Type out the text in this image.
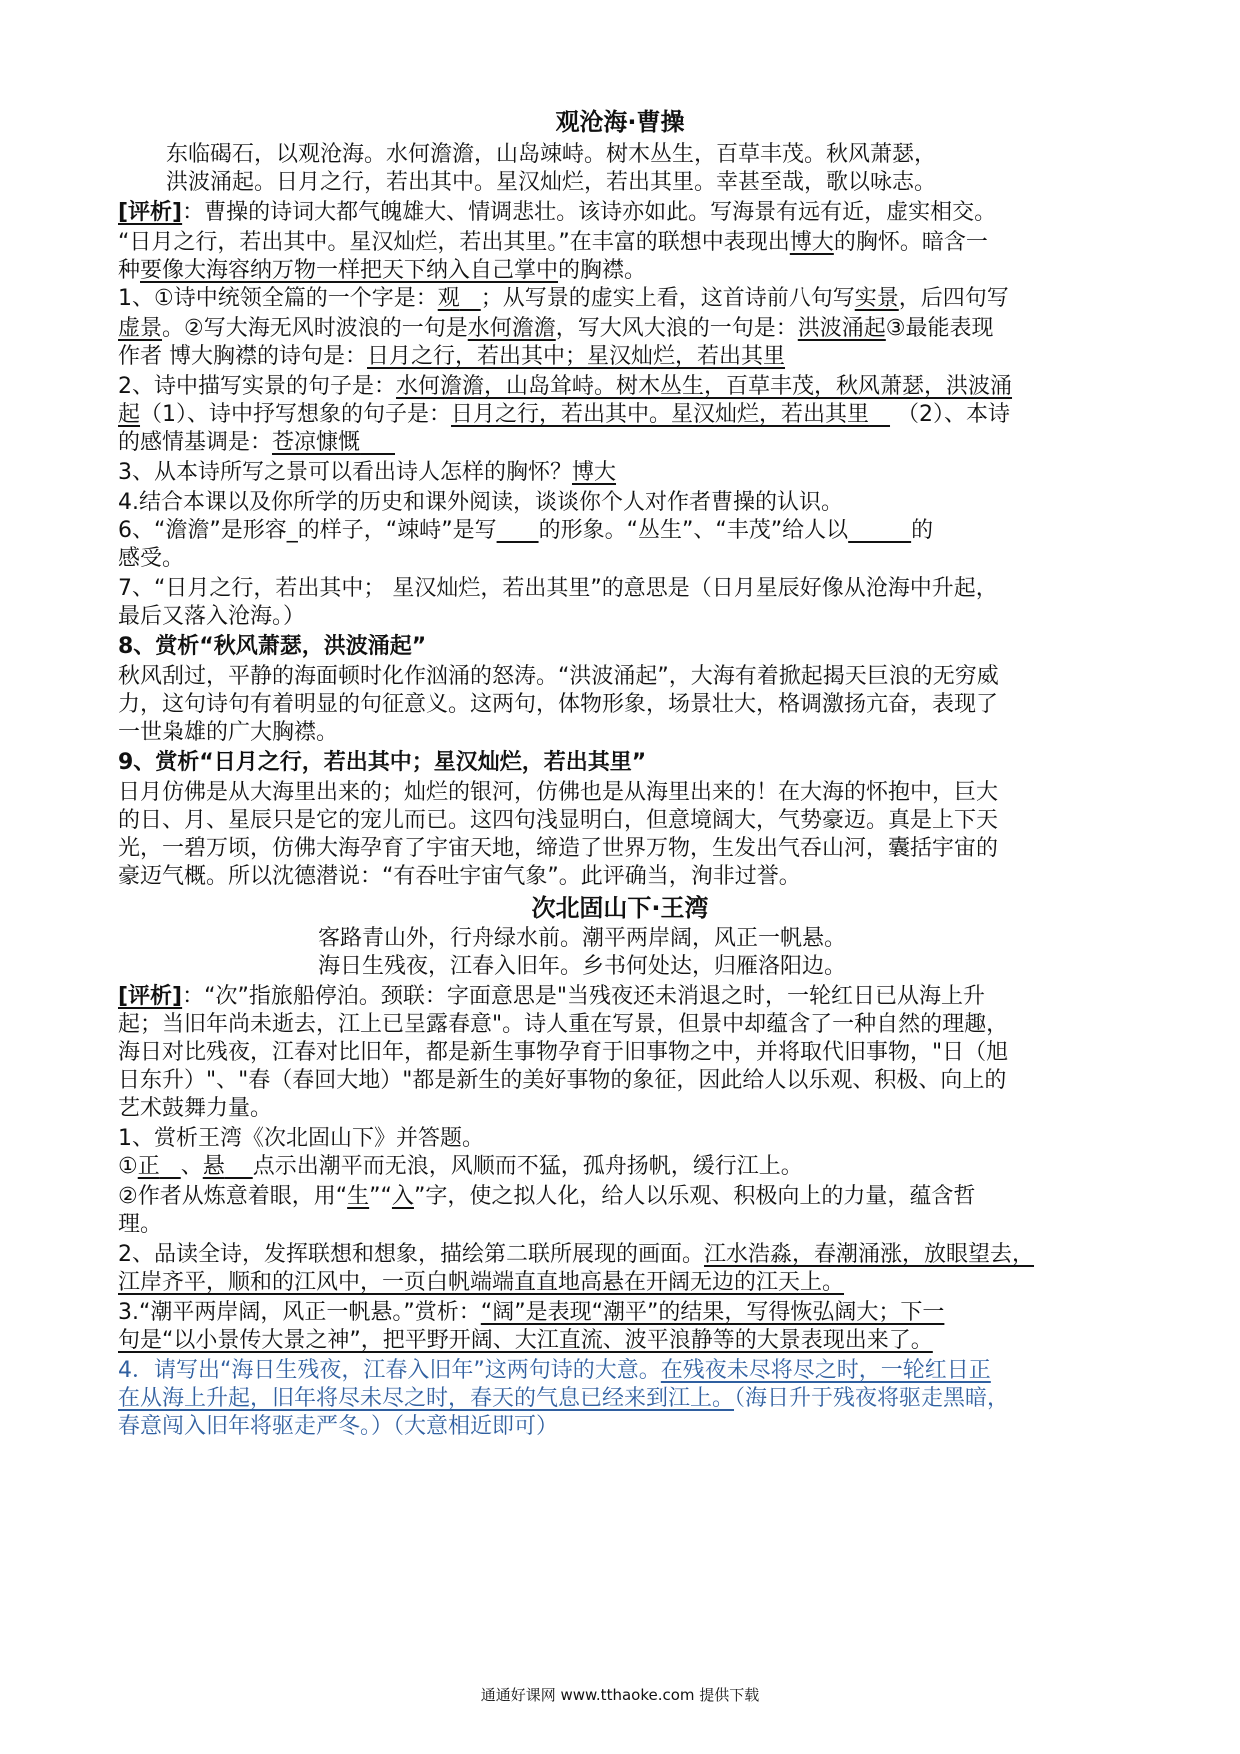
观沧海·曹操
东临碣石，以观沧海。水何澹澹，山岛竦峙。树木丛生，百草丰茂。秋风萧瑟，
洪波涌起。日月之行，若出其中。星汉灿烂，若出其里。幸甚至哉，歌以咏志。
[评析]：曹操的诗词大都气魄雄大、情调悲壮。该诗亦如此。写海景有远有近，虚实相交。
“日月之行，若出其中。星汉灿烂，若出其里。”在丰富的联想中表现出博大的胸怀。暗含一
种要像大海容纳万物一样把天下纳入自己掌中的胸襟。
1、①诗中统领全篇的一个字是：观 ；从写景的虚实上看，这首诗前八句写实景，后四句写
虚景。②写大海无风时波浪的一句是水何澹澹，写大风大浪的一句是：洪波涌起③最能表现
作者 博大胸襟的诗句是：日月之行，若出其中；星汉灿烂，若出其里
2、诗中描写实景的句子是：水何澹澹，山岛耸峙。树木丛生，百草丰茂，秋风萧瑟，洪波涌
起（1）、诗中抒写想象的句子是：日月之行，若出其中。星汉灿烂，若出其里 （2）、本诗
的感情基调是：苍凉慷慨
3、从本诗所写之景可以看出诗人怎样的胸怀？博大
4.结合本课以及你所学的历史和课外阅读，谈谈你个人对作者曹操的认识。
6、“澹澹”是形容_的样子，“竦峙”是写 的形象。“丛生”、“丰茂”给人以	的
感受。
7、“日月之行，若出其中； 星汉灿烂，若出其里”的意思是（日月星辰好像从沧海中升起，
最后又落入沧海。）
8、赏析“秋风萧瑟，洪波涌起”
秋风刮过，平静的海面顿时化作汹涌的怒涛。“洪波涌起”，大海有着掀起揭天巨浪的无穷威
力，这句诗句有着明显的句征意义。这两句，体物形象，场景壮大，格调激扬亢奋，表现了
一世枭雄的广大胸襟。
9、赏析“日月之行，若出其中；星汉灿烂，若出其里”
日月仿佛是从大海里出来的；灿烂的银河，仿佛也是从海里出来的！在大海的怀抱中，巨大
的日、月、星辰只是它的宠儿而已。这四句浅显明白，但意境阔大，气势豪迈。真是上下天
光，一碧万顷，仿佛大海孕育了宇宙天地，缔造了世界万物，生发出气吞山河，囊括宇宙的
豪迈气概。所以沈德潜说：“有吞吐宇宙气象”。此评确当，洵非过誉。
次北固山下·王湾
客路青山外，行舟绿水前。潮平两岸阔，风正一帆悬。
海日生残夜，江春入旧年。乡书何处达，归雁洛阳边。
[评析]：“次”指旅船停泊。颈联：字面意思是"当残夜还未消退之时，一轮红日已从海上升
起；当旧年尚未逝去，江上已呈露春意"。诗人重在写景，但景中却蕴含了一种自然的理趣，
海日对比残夜，江春对比旧年，都是新生事物孕育于旧事物之中，并将取代旧事物，"日（旭
日东升）"、"春（春回大地）"都是新生的美好事物的象征，因此给人以乐观、积极、向上的
艺术鼓舞力量。
1、赏析王湾《次北固山下》并答题。
①正 、悬 点示出潮平而无浪，风顺而不猛，孤舟扬帆，缓行江上。
②作者从炼意着眼，用“生”“入”字，使之拟人化，给人以乐观、积极向上的力量，蕴含哲
理。
2、品读全诗，发挥联想和想象，描绘第二联所展现的画面。江水浩淼，春潮涌涨，放眼望去，
江岸齐平，顺和的江风中，一页白帆端端直直地高悬在开阔无边的江天上。
3.“潮平两岸阔，风正一帆悬。”赏析：“阔”是表现“潮平”的结果，写得恢弘阔大；下一
句是“以小景传大景之神”，把平野开阔、大江直流、波平浪静等的大景表现出来了。
4．请写出“海日生残夜，江春入旧年”这两句诗的大意。在残夜未尽将尽之时，一轮红日正
在从海上升起，旧年将尽未尽之时，春天的气息已经来到江上。（海日升于残夜将驱走黑暗，
春意闯入旧年将驱走严冬。）（大意相近即可）
通通好课网 www.tthaoke.com 提供下载
